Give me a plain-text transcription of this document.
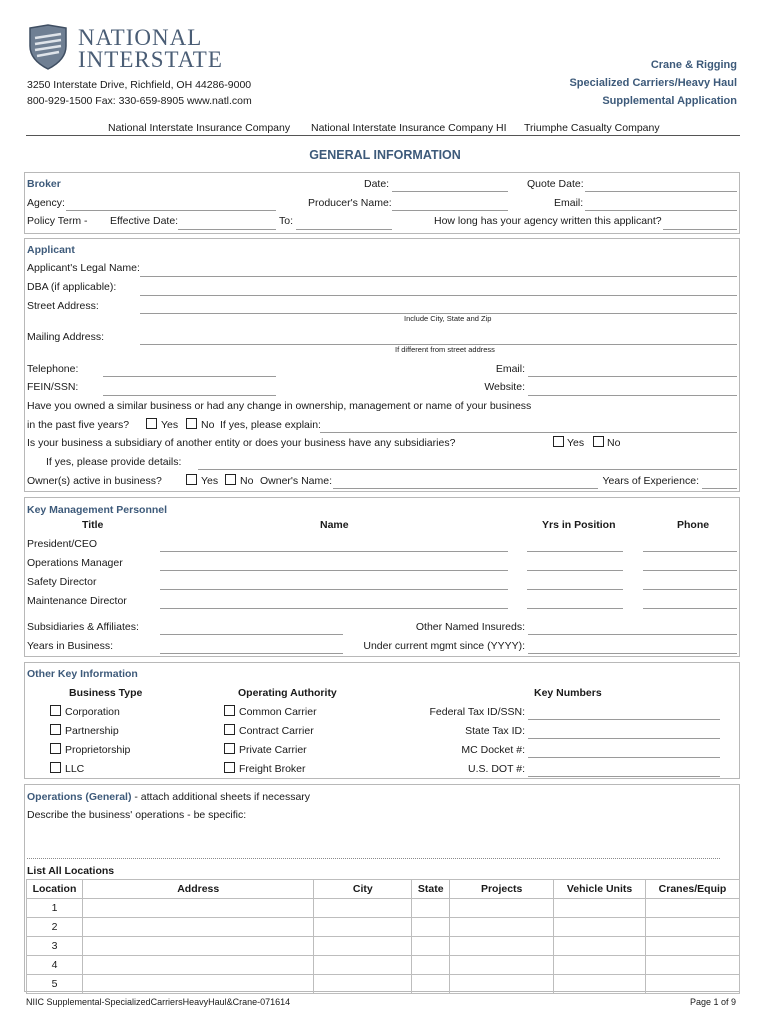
NATIONAL
INTERSTATE
3250 Interstate Drive, Richfield, OH 44286-9000
800-929-1500 Fax: 330-659-8905 www.natl.com
Crane & Rigging
Specialized Carriers/Heavy Haul
Supplemental Application
National Interstate Insurance Company National Interstate Insurance Company HI Triumphe Casualty Company
GENERAL INFORMATION
Broker	Date:	Quote Date:
Agency:	Producer's Name:	Email:
Policy Term - Effective Date:	To:	How long has your agency written this applicant?
Applicant
Applicant's Legal Name:
DBA (if applicable):
Street Address:
Include City, State and Zip
Mailing Address:
If different from street address
Telephone:	Email:
FEIN/SSN:	Website:
Have you owned a similar business or had any change in ownership, management or name of your business
in the past five years?	Yes No If yes, please explain:
Is your business a subsidiary of another entity or does your business have any subsidiaries?	Yes No
If yes, please provide details:
Owner(s) active in business?	Yes No Owner's Name:	Years of Experience:
Key Management Personnel
Title	Name	Yrs in Position	Phone
President/CEO
Operations Manager
Safety Director
Maintenance Director
Subsidiaries & Affiliates:	Other Named Insureds:
Years in Business:	Under current mgmt since (YYYY):
Other Key Information
Business Type	Operating Authority	Key Numbers
Corporation	Common Carrier	Federal Tax ID/SSN:
Partnership	Contract Carrier	State Tax ID:
Proprietorship	Private Carrier	MC Docket #:
LLC	Freight Broker	U.S. DOT #:
Operations (General) - attach additional sheets if necessary
Describe the business' operations - be specific:
List All Locations
Location	Address	City	State	Projects	Vehicle Units	Cranes/Equip
1						
2						
3						
4						
5						
NIIC Supplemental-SpecializedCarriersHeavyHaul&Crane-071614	Page 1 of 9
